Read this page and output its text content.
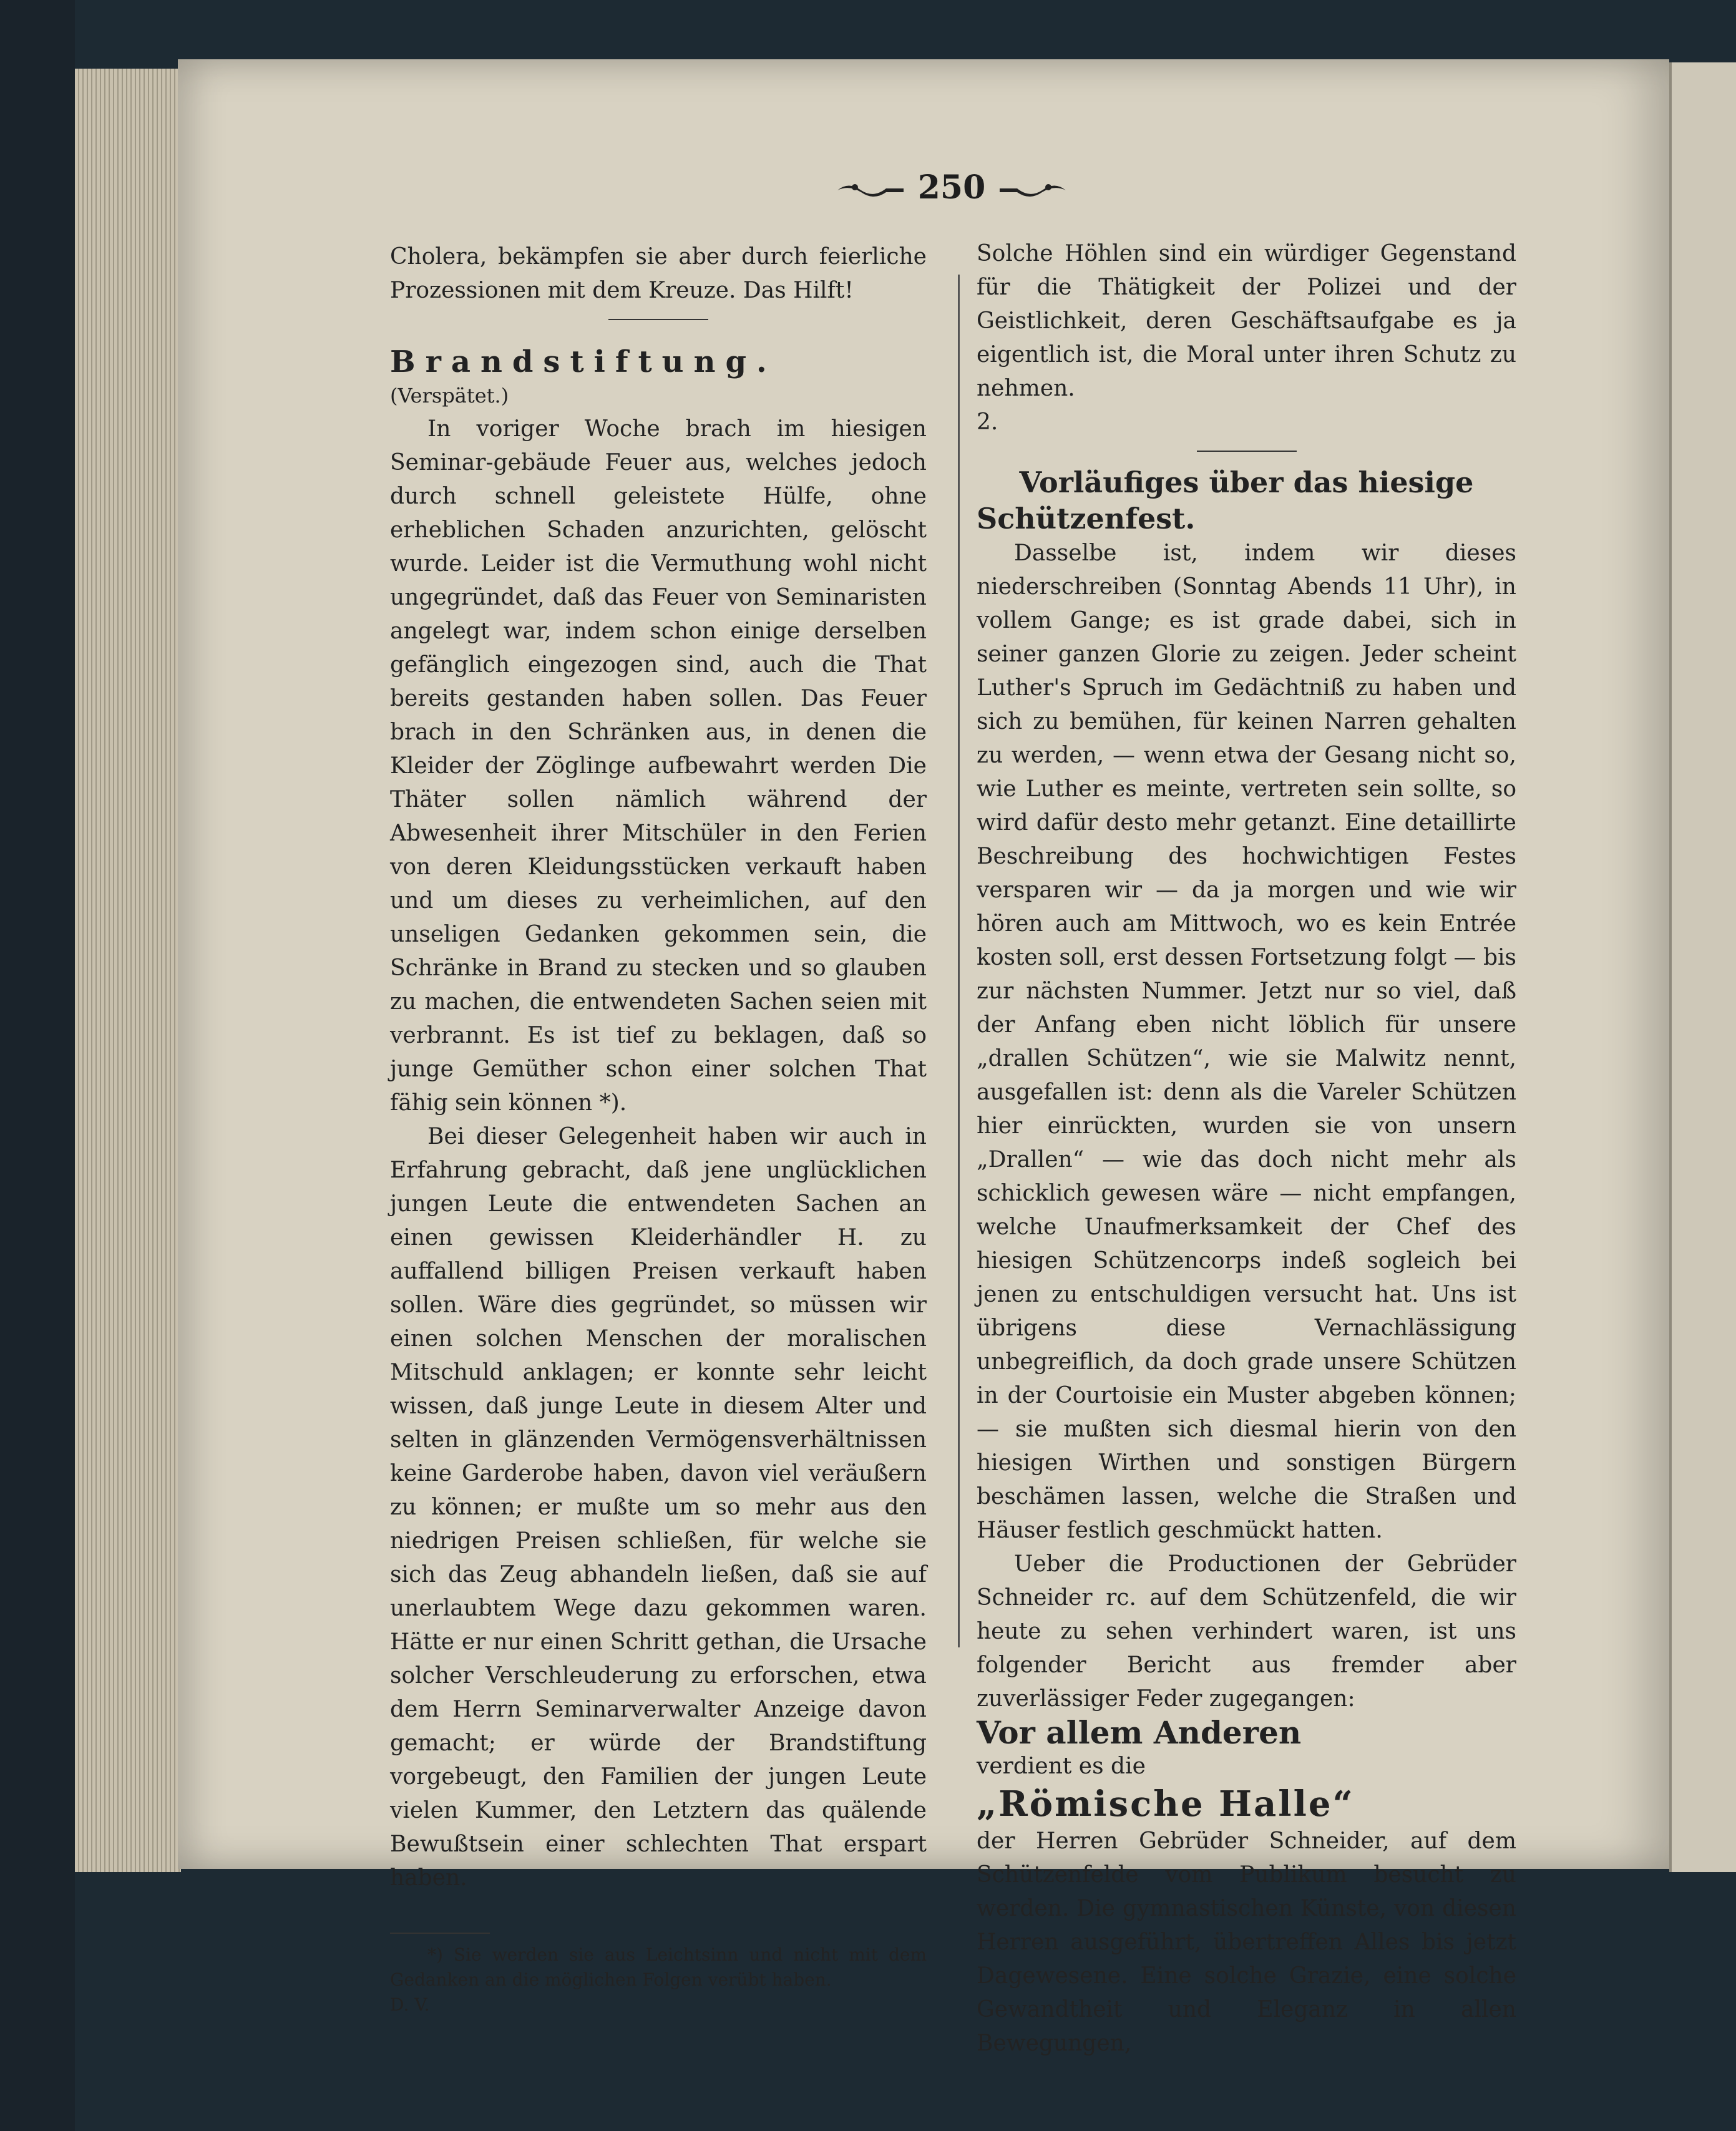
250

Cholera, bekämpfen sie aber durch feierliche Prozessionen mit dem Kreuze. Das Hilft!

Brandstiftung.

(Verspätet.)

In voriger Woche brach im hiesigen Seminar-gebäude Feuer aus, welches jedoch durch schnell geleistete Hülfe, ohne erheblichen Schaden anzurichten, gelöscht wurde. Leider ist die Vermuthung wohl nicht ungegründet, daß das Feuer von Seminaristen angelegt war, indem schon einige derselben gefänglich eingezogen sind, auch die That bereits gestanden haben sollen. Das Feuer brach in den Schränken aus, in denen die Kleider der Zöglinge aufbewahrt werden Die Thäter sollen nämlich während der Abwesenheit ihrer Mitschüler in den Ferien von deren Kleidungsstücken verkauft haben und um dieses zu verheimlichen, auf den unseligen Gedanken gekommen sein, die Schränke in Brand zu stecken und so glauben zu machen, die entwendeten Sachen seien mit verbrannt. Es ist tief zu beklagen, daß so junge Gemüther schon einer solchen That fähig sein können *).

Bei dieser Gelegenheit haben wir auch in Erfahrung gebracht, daß jene unglücklichen jungen Leute die entwendeten Sachen an einen gewissen Kleiderhändler H. zu auffallend billigen Preisen verkauft haben sollen. Wäre dies gegründet, so müssen wir einen solchen Menschen der moralischen Mitschuld anklagen; er konnte sehr leicht wissen, daß junge Leute in diesem Alter und selten in glänzenden Vermögensverhältnissen keine Garderobe haben, davon viel veräußern zu können; er mußte um so mehr aus den niedrigen Preisen schließen, für welche sie sich das Zeug abhandeln ließen, daß sie auf unerlaubtem Wege dazu gekommen waren. Hätte er nur einen Schritt gethan, die Ursache solcher Verschleuderung zu erforschen, etwa dem Herrn Seminarverwalter Anzeige davon gemacht; er würde der Brandstiftung vorgebeugt, den Familien der jungen Leute vielen Kummer, den Letztern das quälende Bewußtsein einer schlechten That erspart haben.

*) Sie werden sie aus Leichtsinn und nicht mit dem Gedanken an die möglichen Folgen verübt haben.

D. V.

Solche Höhlen sind ein würdiger Gegenstand für die Thätigkeit der Polizei und der Geistlichkeit, deren Geschäftsaufgabe es ja eigentlich ist, die Moral unter ihren Schutz zu nehmen.

2.

Vorläufiges über das hiesige Schützenfest.

Dasselbe ist, indem wir dieses niederschreiben (Sonntag Abends 11 Uhr), in vollem Gange; es ist grade dabei, sich in seiner ganzen Glorie zu zeigen. Jeder scheint Luther's Spruch im Gedächtniß zu haben und sich zu bemühen, für keinen Narren gehalten zu werden, — wenn etwa der Gesang nicht so, wie Luther es meinte, vertreten sein sollte, so wird dafür desto mehr getanzt. Eine detaillirte Beschreibung des hochwichtigen Festes versparen wir — da ja morgen und wie wir hören auch am Mittwoch, wo es kein Entrée kosten soll, erst dessen Fortsetzung folgt — bis zur nächsten Nummer. Jetzt nur so viel, daß der Anfang eben nicht löblich für unsere „drallen Schützen“, wie sie Malwitz nennt, ausgefallen ist: denn als die Vareler Schützen hier einrückten, wurden sie von unsern „Drallen“ — wie das doch nicht mehr als schicklich gewesen wäre — nicht empfangen, welche Unaufmerksamkeit der Chef des hiesigen Schützencorps indeß sogleich bei jenen zu entschuldigen versucht hat. Uns ist übrigens diese Vernachlässigung unbegreiflich, da doch grade unsere Schützen in der Courtoisie ein Muster abgeben können; — sie mußten sich diesmal hierin von den hiesigen Wirthen und sonstigen Bürgern beschämen lassen, welche die Straßen und Häuser festlich geschmückt hatten.

Ueber die Productionen der Gebrüder Schneider rc. auf dem Schützenfeld, die wir heute zu sehen verhindert waren, ist uns folgender Bericht aus fremder aber zuverlässiger Feder zugegangen:

Vor allem Anderen

verdient es die

„Römische Halle“

der Herren Gebrüder Schneider, auf dem Schützenfelde vom Publikum besucht zu werden. Die gymnastischen Künste, von diesen Herren ausgeführt, übertreffen Alles bis jetzt Dagewesene. Eine solche Grazie, eine solche Gewandtheit und Eleganz in allen Bewegungen,
